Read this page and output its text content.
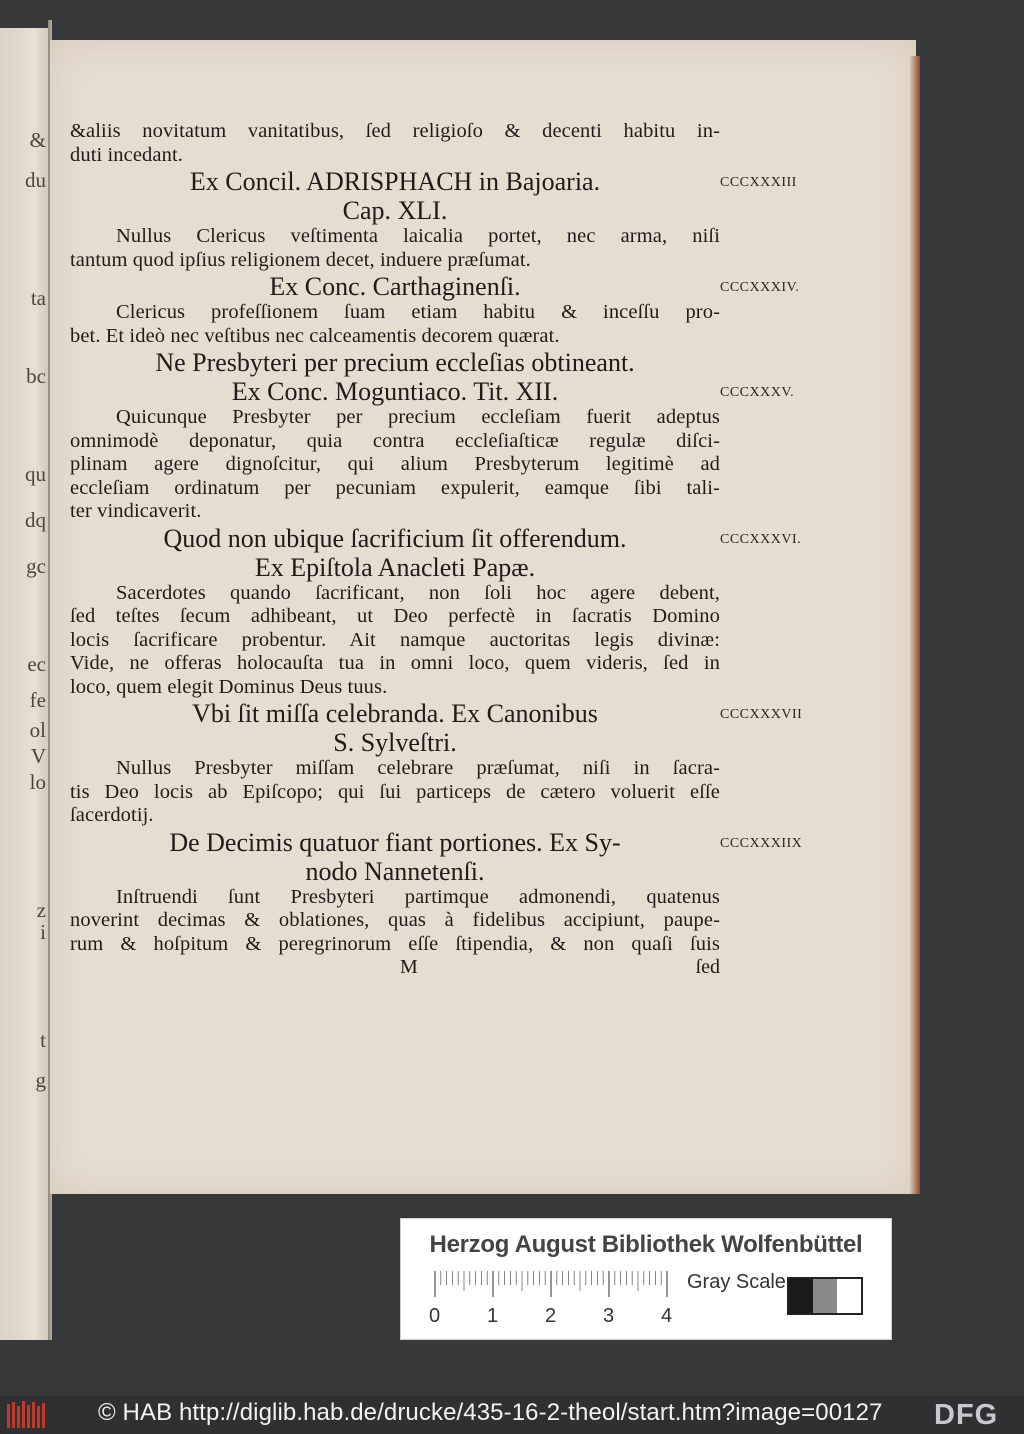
&
du
ta
bc
qu
dq
gc
ec
fe
ol
V
lo
z
i
t
g
&aliis novitatum vanitatibus, ſed religioſo & decenti habitu in-
duti incedant.
Ex Concil. ADRISPHACH in Bajoaria.
Cap. XLI.
Nullus Clericus veſtimenta laicalia portet, nec arma, niſi
tantum quod ipſius religionem decet, induere præſumat.
Ex Conc. Carthaginenſi.
Clericus profeſſionem ſuam etiam habitu & inceſſu pro-
bet. Et ideò nec veſtibus nec calceamentis decorem quærat.
Ne Presbyteri per precium eccleſias obtineant.
Ex Conc. Moguntiaco. Tit. XII.
Quicunque Presbyter per precium eccleſiam fuerit adeptus
omnimodè deponatur, quia contra eccleſiaſticæ regulæ diſci-
plinam agere dignoſcitur, qui alium Presbyterum legitimè ad
eccleſiam ordinatum per pecuniam expulerit, eamque ſibi tali-
ter vindicaverit.
Quod non ubique ſacrificium ſit offerendum.
Ex Epiſtola Anacleti Papæ.
Sacerdotes quando ſacrificant, non ſoli hoc agere debent,
ſed teſtes ſecum adhibeant, ut Deo perfectè in ſacratis Domino
locis ſacrificare probentur. Ait namque auctoritas legis divinæ:
Vide, ne offeras holocauſta tua in omni loco, quem videris, ſed in
loco, quem elegit Dominus Deus tuus.
Vbi ſit miſſa celebranda. Ex Canonibus
S. Sylveſtri.
Nullus Presbyter miſſam celebrare præſumat, niſi in ſacra-
tis Deo locis ab Epiſcopo; qui ſui particeps de cætero voluerit eſſe
ſacerdotij.
De Decimis quatuor fiant portiones. Ex Sy-
nodo Nannetenſi.
Inſtruendi ſunt Presbyteri partimque admonendi, quatenus
noverint decimas & oblationes, quas à fidelibus accipiunt, paupe-
rum & hoſpitum & peregrinorum eſſe ſtipendia, & non quaſi ſuis
M	ſed
CCCXXXIII
CCCXXXIV.
CCCXXXV.
CCCXXXVI.
CCCXXXVII
CCCXXXIIX
Herzog August Bibliothek Wolfenbüttel
0 1 2 3 4
Gray Scale
© HAB http://diglib.hab.de/drucke/435-16-2-theol/start.htm?image=00127 DFG
